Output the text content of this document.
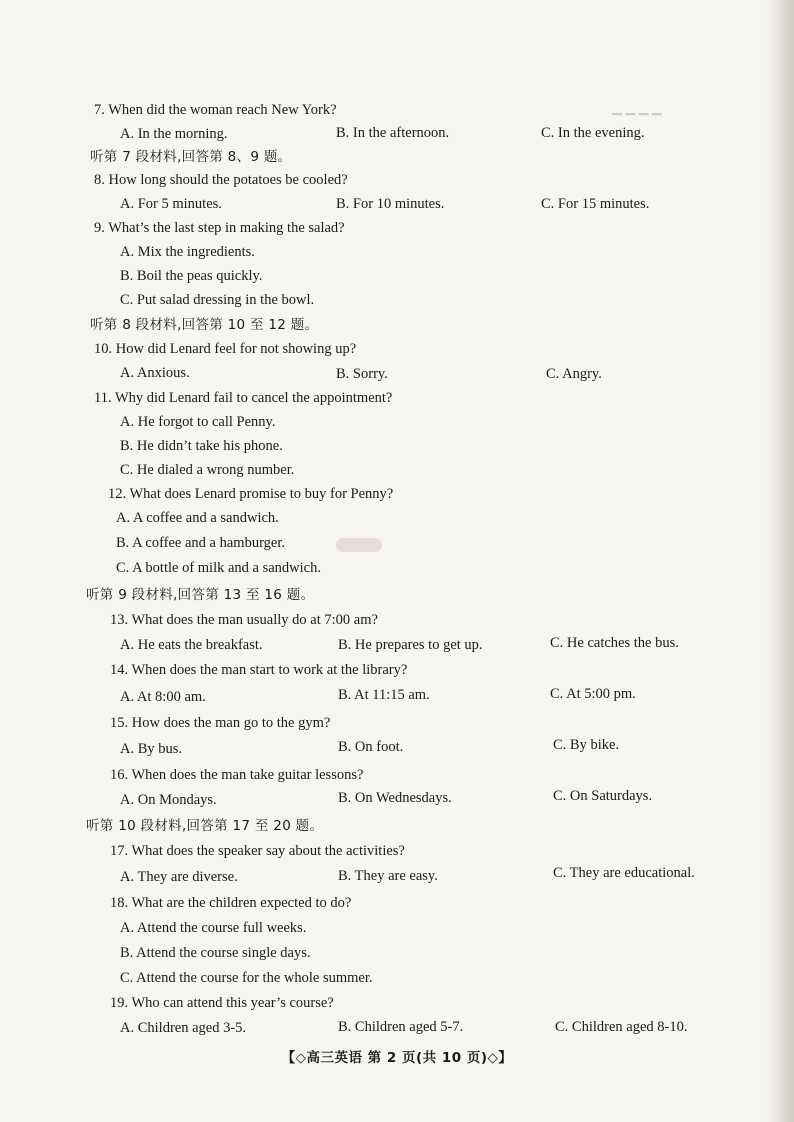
▁ ▁ ▁ ▁
7. When did the woman reach New York?
A. In the morning.	B. In the afternoon.	C. In the evening.
听第 7 段材料,回答第 8、9 题。
8. How long should the potatoes be cooled?
A. For 5 minutes.	B. For 10 minutes.	C. For 15 minutes.
9. What’s the last step in making the salad?
A. Mix the ingredients.
B. Boil the peas quickly.
C. Put salad dressing in the bowl.
听第 8 段材料,回答第 10 至 12 题。
10. How did Lenard feel for not showing up?
A. Anxious.	B. Sorry.	C. Angry.
11. Why did Lenard fail to cancel the appointment?
A. He forgot to call Penny.
B. He didn’t take his phone.
C. He dialed a wrong number.
12. What does Lenard promise to buy for Penny?
A. A coffee and a sandwich.
B. A coffee and a hamburger.
C. A bottle of milk and a sandwich.
听第 9 段材料,回答第 13 至 16 题。
13. What does the man usually do at 7:00 am?
A. He eats the breakfast.	B. He prepares to get up.	C. He catches the bus.
14. When does the man start to work at the library?
A. At 8:00 am.	B. At 11:15 am.	C. At 5:00 pm.
15. How does the man go to the gym?
A. By bus.	B. On foot.	C. By bike.
16. When does the man take guitar lessons?
A. On Mondays.	B. On Wednesdays.	C. On Saturdays.
听第 10 段材料,回答第 17 至 20 题。
17. What does the speaker say about the activities?
A. They are diverse.	B. They are easy.	C. They are educational.
18. What are the children expected to do?
A. Attend the course full weeks.
B. Attend the course single days.
C. Attend the course for the whole summer.
19. Who can attend this year’s course?
A. Children aged 3-5.	B. Children aged 5-7.	C. Children aged 8-10.
【◇高三英语 第 2 页(共 10 页)◇】
